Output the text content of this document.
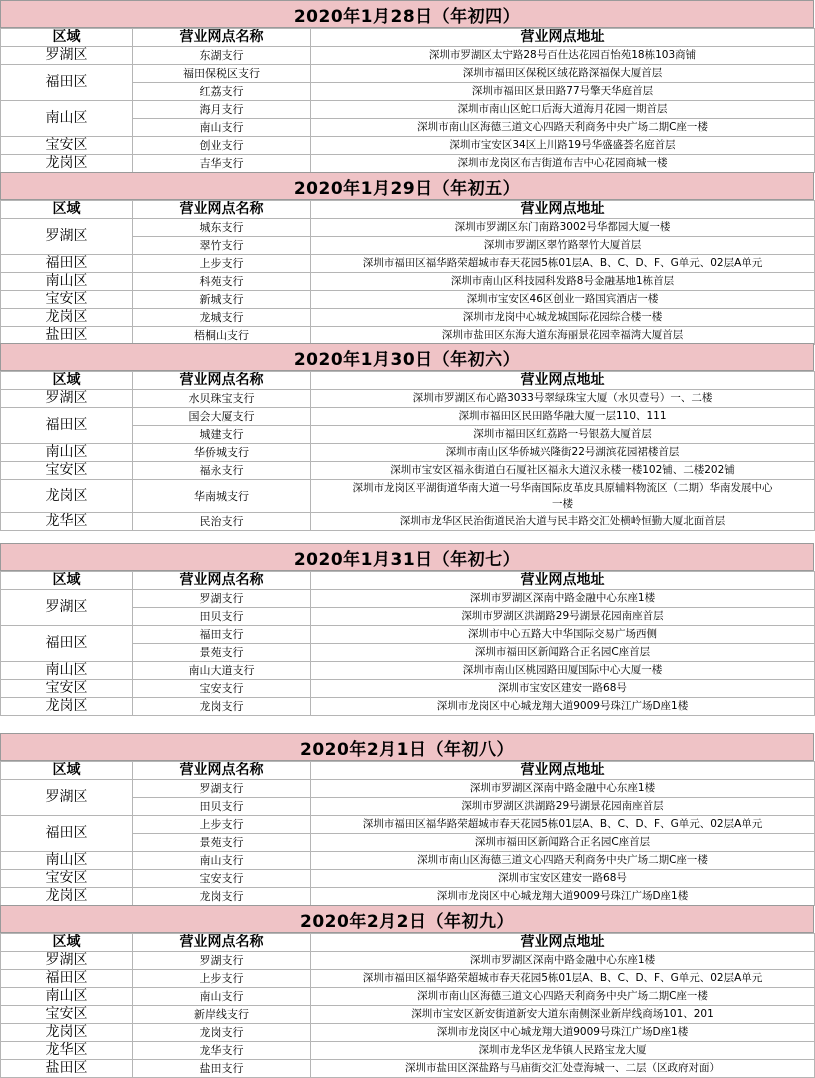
2020年1月28日（年初四）
区域	营业网点名称	营业网点地址
罗湖区	东湖支行	深圳市罗湖区太宁路28号百仕达花园百怡苑18栋103商铺
福田区	福田保税区支行	深圳市福田区保税区绒花路深福保大厦首层
	红荔支行	深圳市福田区景田路77号擎天华庭首层
南山区	海月支行	深圳市南山区蛇口后海大道海月花园一期首层
	南山支行	深圳市南山区海德三道文心四路天利商务中央广场二期C座一楼
宝安区	创业支行	深圳市宝安区34区上川路19号华盛盛荟名庭首层
龙岗区	吉华支行	深圳市龙岗区布吉街道布吉中心花园商城一楼
2020年1月29日（年初五）
区域	营业网点名称	营业网点地址
罗湖区	城东支行	深圳市罗湖区东门南路3002号华都园大厦一楼
	翠竹支行	深圳市罗湖区翠竹路翠竹大厦首层
福田区	上步支行	深圳市福田区福华路荣超城市春天花园5栋01层A、B、C、D、F、G单元、02层A单元
南山区	科苑支行	深圳市南山区科技园科发路8号金融基地1栋首层
宝安区	新城支行	深圳市宝安区46区创业一路国宾酒店一楼
龙岗区	龙城支行	深圳市龙岗中心城龙城国际花园综合楼一楼
盐田区	梧桐山支行	深圳市盐田区东海大道东海丽景花园幸福湾大厦首层
2020年1月30日（年初六）
区域	营业网点名称	营业网点地址
罗湖区	水贝珠宝支行	深圳市罗湖区布心路3033号翠绿珠宝大厦（水贝壹号）一、二楼
福田区	国会大厦支行	深圳市福田区民田路华融大厦一层110、111
	城建支行	深圳市福田区红荔路一号银荔大厦首层
南山区	华侨城支行	深圳市南山区华侨城兴隆街22号湖滨花园裙楼首层
宝安区	福永支行	深圳市宝安区福永街道白石厦社区福永大道汉永楼一楼102铺、二楼202铺
龙岗区	华南城支行	深圳市龙岗区平湖街道华南大道一号华南国际皮革皮具原辅料物流区（二期）华南发展中心一楼
龙华区	民治支行	深圳市龙华区民治街道民治大道与民丰路交汇处横岭恒勤大厦北面首层
2020年1月31日（年初七）
区域	营业网点名称	营业网点地址
罗湖区	罗湖支行	深圳市罗湖区深南中路金融中心东座1楼
	田贝支行	深圳市罗湖区洪湖路29号湖景花园南座首层
福田区	福田支行	深圳市中心五路大中华国际交易广场西侧
	景苑支行	深圳市福田区新闻路合正名园C座首层
南山区	南山大道支行	深圳市南山区桃园路田厦国际中心大厦一楼
宝安区	宝安支行	深圳市宝安区建安一路68号
龙岗区	龙岗支行	深圳市龙岗区中心城龙翔大道9009号珠江广场D座1楼
2020年2月1日（年初八）
区域	营业网点名称	营业网点地址
罗湖区	罗湖支行	深圳市罗湖区深南中路金融中心东座1楼
	田贝支行	深圳市罗湖区洪湖路29号湖景花园南座首层
福田区	上步支行	深圳市福田区福华路荣超城市春天花园5栋01层A、B、C、D、F、G单元、02层A单元
	景苑支行	深圳市福田区新闻路合正名园C座首层
南山区	南山支行	深圳市南山区海德三道文心四路天利商务中央广场二期C座一楼
宝安区	宝安支行	深圳市宝安区建安一路68号
龙岗区	龙岗支行	深圳市龙岗区中心城龙翔大道9009号珠江广场D座1楼
2020年2月2日（年初九）
区域	营业网点名称	营业网点地址
罗湖区	罗湖支行	深圳市罗湖区深南中路金融中心东座1楼
福田区	上步支行	深圳市福田区福华路荣超城市春天花园5栋01层A、B、C、D、F、G单元、02层A单元
南山区	南山支行	深圳市南山区海德三道文心四路天利商务中央广场二期C座一楼
宝安区	新岸线支行	深圳市宝安区新安街道新安大道东南侧深业新岸线商场101、201
龙岗区	龙岗支行	深圳市龙岗区中心城龙翔大道9009号珠江广场D座1楼
龙华区	龙华支行	深圳市龙华区龙华镇人民路宝龙大厦
盐田区	盐田支行	深圳市盐田区深盐路与马庙街交汇处壹海城一、二层（区政府对面）
